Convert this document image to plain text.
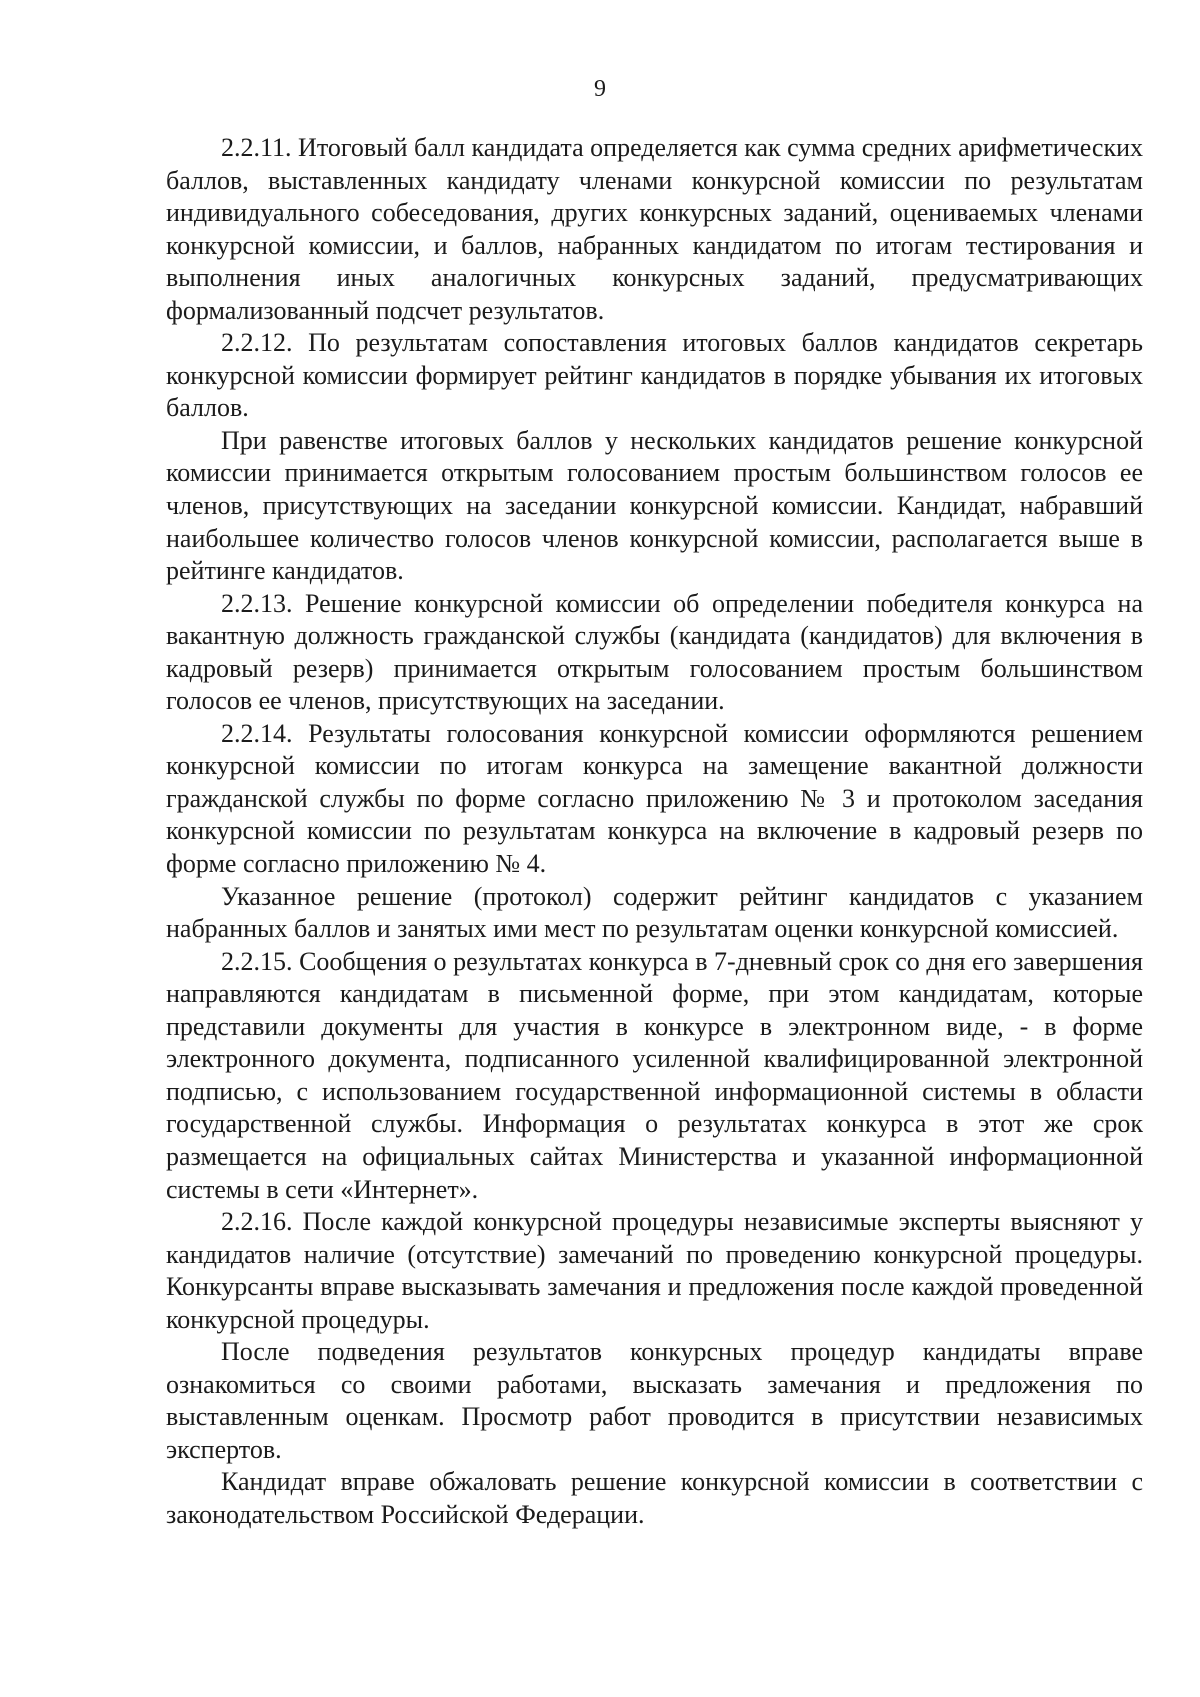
9

2.2.11. Итоговый балл кандидата определяется как сумма средних арифметических баллов, выставленных кандидату членами конкурсной комиссии по результатам индивидуального собеседования, других конкурсных заданий, оцениваемых членами конкурсной комиссии, и баллов, набранных кандидатом по итогам тестирования и выполнения иных аналогичных конкурсных заданий, предусматривающих формализованный подсчет результатов.

2.2.12. По результатам сопоставления итоговых баллов кандидатов секретарь конкурсной комиссии формирует рейтинг кандидатов в порядке убывания их итоговых баллов.

При равенстве итоговых баллов у нескольких кандидатов решение конкурсной комиссии принимается открытым голосованием простым большинством голосов ее членов, присутствующих на заседании конкурсной комиссии. Кандидат, набравший наибольшее количество голосов членов конкурсной комиссии, располагается выше в рейтинге кандидатов.

2.2.13. Решение конкурсной комиссии об определении победителя конкурса на вакантную должность гражданской службы (кандидата (кандидатов) для включения в кадровый резерв) принимается открытым голосованием простым большинством голосов ее членов, присутствующих на заседании.

2.2.14. Результаты голосования конкурсной комиссии оформляются решением конкурсной комиссии по итогам конкурса на замещение вакантной должности гражданской службы по форме согласно приложению № 3 и протоколом заседания конкурсной комиссии по результатам конкурса на включение в кадровый резерв по форме согласно приложению № 4.

Указанное решение (протокол) содержит рейтинг кандидатов с указанием набранных баллов и занятых ими мест по результатам оценки конкурсной комиссией.

2.2.15. Сообщения о результатах конкурса в 7-дневный срок со дня его завершения направляются кандидатам в письменной форме, при этом кандидатам, которые представили документы для участия в конкурсе в электронном виде, - в форме электронного документа, подписанного усиленной квалифицированной электронной подписью, с использованием государственной информационной системы в области государственной службы. Информация о результатах конкурса в этот же срок размещается на официальных сайтах Министерства и указанной информационной системы в сети «Интернет».

2.2.16. После каждой конкурсной процедуры независимые эксперты выясняют у кандидатов наличие (отсутствие) замечаний по проведению конкурсной процедуры. Конкурсанты вправе высказывать замечания и предложения после каждой проведенной конкурсной процедуры.

После подведения результатов конкурсных процедур кандидаты вправе ознакомиться со своими работами, высказать замечания и предложения по выставленным оценкам. Просмотр работ проводится в присутствии независимых экспертов.

Кандидат вправе обжаловать решение конкурсной комиссии в соответствии с законодательством Российской Федерации.
